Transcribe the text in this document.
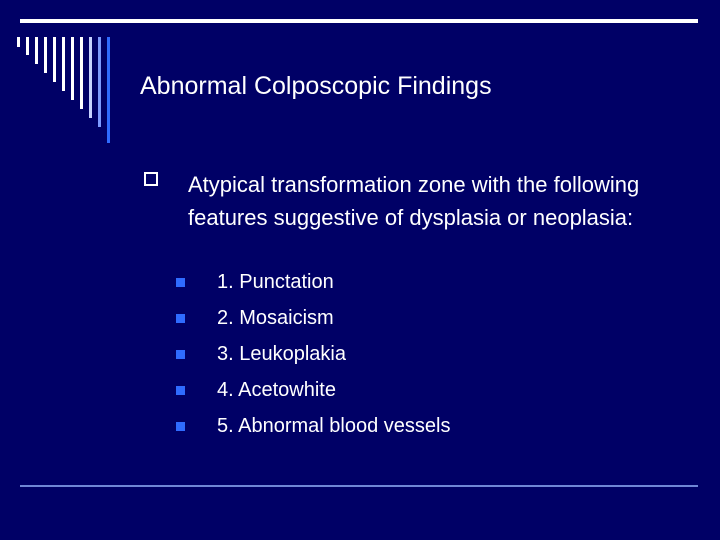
Abnormal Colposcopic Findings
Atypical transformation zone with the following features suggestive of dysplasia or neoplasia:
1. Punctation
2. Mosaicism
3. Leukoplakia
4. Acetowhite
5. Abnormal blood vessels
